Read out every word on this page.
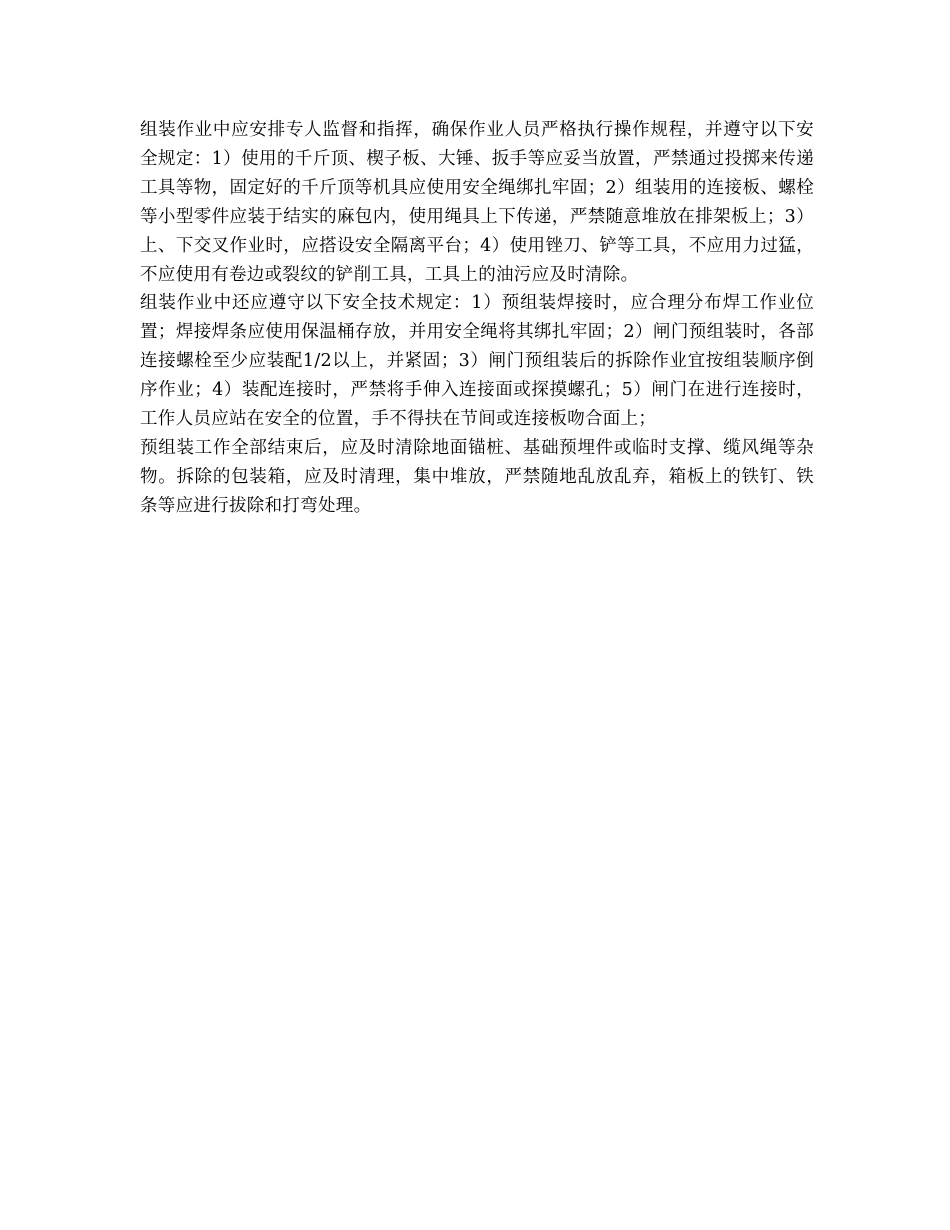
组装作业中应安排专人监督和指挥，确保作业人员严格执行操作规程，并遵守以下安全规定：1）使用的千斤顶、楔子板、大锤、扳手等应妥当放置，严禁通过投掷来传递工具等物，固定好的千斤顶等机具应使用安全绳绑扎牢固；2）组装用的连接板、螺栓等小型零件应装于结实的麻包内，使用绳具上下传递，严禁随意堆放在排架板上；3）上、下交叉作业时，应搭设安全隔离平台；4）使用锉刀、铲等工具，不应用力过猛，不应使用有卷边或裂纹的铲削工具，工具上的油污应及时清除。

组装作业中还应遵守以下安全技术规定：1）预组装焊接时，应合理分布焊工作业位置；焊接焊条应使用保温桶存放，并用安全绳将其绑扎牢固；2）闸门预组装时，各部连接螺栓至少应装配1/2以上，并紧固；3）闸门预组装后的拆除作业宜按组装顺序倒序作业；4）装配连接时，严禁将手伸入连接面或探摸螺孔；5）闸门在进行连接时，工作人员应站在安全的位置，手不得扶在节间或连接板吻合面上；

预组装工作全部结束后，应及时清除地面锚桩、基础预埋件或临时支撑、缆风绳等杂物。拆除的包装箱，应及时清理，集中堆放，严禁随地乱放乱弃，箱板上的铁钉、铁条等应进行拔除和打弯处理。
